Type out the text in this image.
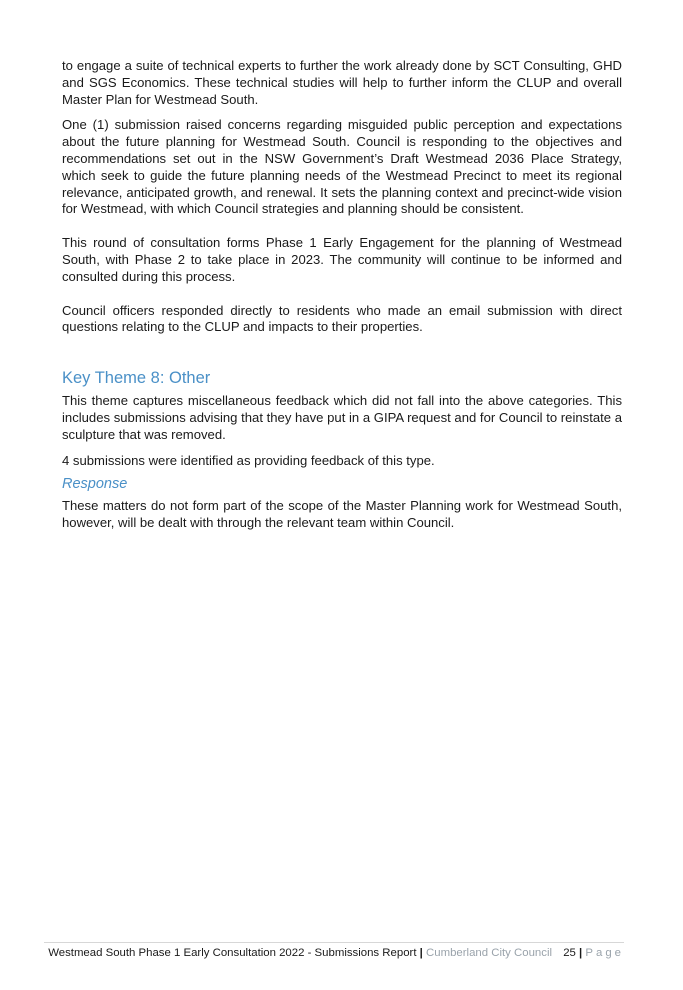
to engage a suite of technical experts to further the work already done by SCT Consulting, GHD and SGS Economics. These technical studies will help to further inform the CLUP and overall Master Plan for Westmead South.

One (1) submission raised concerns regarding misguided public perception and expectations about the future planning for Westmead South. Council is responding to the objectives and recommendations set out in the NSW Government’s Draft Westmead 2036 Place Strategy, which seek to guide the future planning needs of the Westmead Precinct to meet its regional relevance, anticipated growth, and renewal. It sets the planning context and precinct-wide vision for Westmead, with which Council strategies and planning should be consistent.

This round of consultation forms Phase 1 Early Engagement for the planning of Westmead South, with Phase 2 to take place in 2023. The community will continue to be informed and consulted during this process.

Council officers responded directly to residents who made an email submission with direct questions relating to the CLUP and impacts to their properties.

Key Theme 8: Other

This theme captures miscellaneous feedback which did not fall into the above categories. This includes submissions advising that they have put in a GIPA request and for Council to reinstate a sculpture that was removed.

4 submissions were identified as providing feedback of this type.

Response

These matters do not form part of the scope of the Master Planning work for Westmead South, however, will be dealt with through the relevant team within Council.

Westmead South Phase 1 Early Consultation 2022 - Submissions Report | Cumberland City Council 25 | Page
